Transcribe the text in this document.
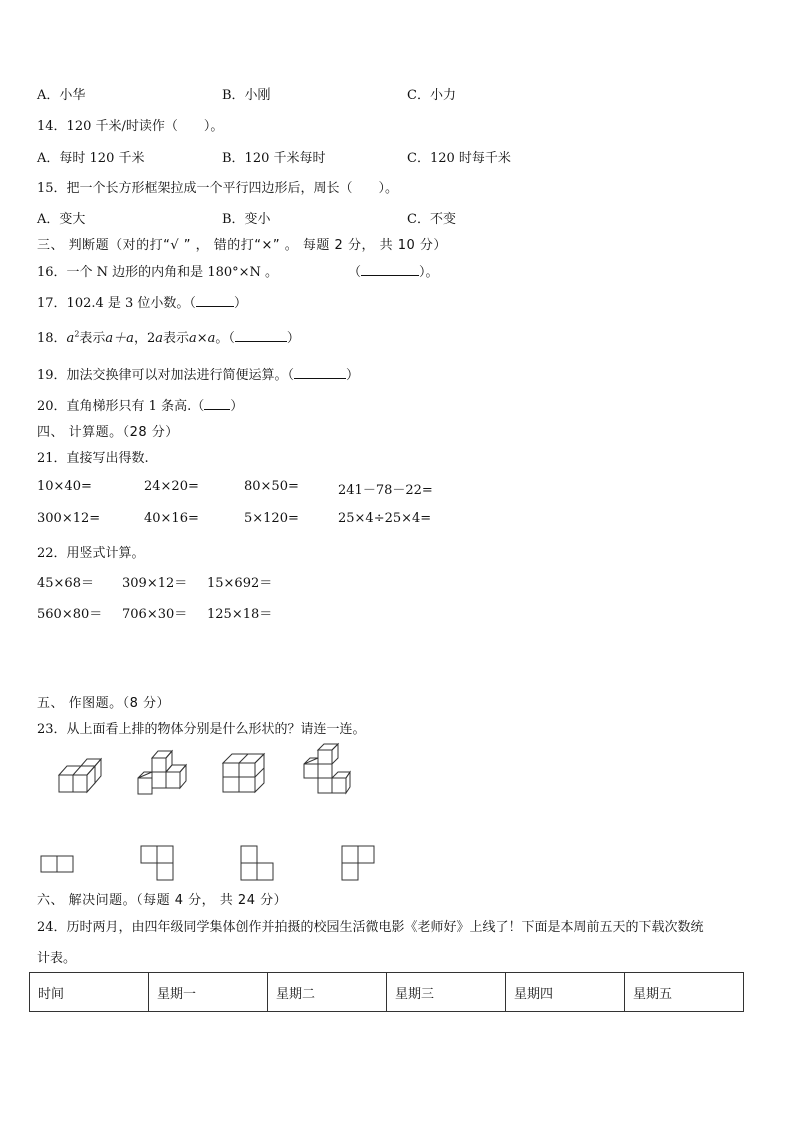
A．小华	B．小刚	C．小力
14．120 千米/时读作（　　）。
A．每时 120 千米	B．120 千米每时	C．120 时每千米
15．把一个长方形框架拉成一个平行四边形后，周长（　　）。
A．变大	B．变小	C．不变
三、 判断题（对的打“√ ” ， 错的打“×” 。 每题 2 分， 共 10 分）
16．一个 N 边形的内角和是 180°×N 。	（	）。
17．102.4 是 3 位小数。（	）
18．$a^2$表示a＋a，2a表示a×a。（	）
19．加法交换律可以对加法进行简便运算。（	）
20．直角梯形只有 1 条高.（ ）
四、 计算题。（28 分）
21．直接写出得数.
10×40=	24×20=	80×50=	241－78－22=
300×12=	40×16=	5×120=	25×4÷25×4=
22．用竖式计算。
45×68＝ 309×12＝ 15×692＝
560×80＝ 706×30＝ 125×18＝
五、 作图题。（8 分）
23．从上面看上排的物体分别是什么形状的？请连一连。
六、 解决问题。（每题 4 分， 共 24 分）
24．历时两月，由四年级同学集体创作并拍摄的校园生活微电影《老师好》上线了！下面是本周前五天的下载次数统
计表。
时间	星期一	星期二	星期三	星期四	星期五
